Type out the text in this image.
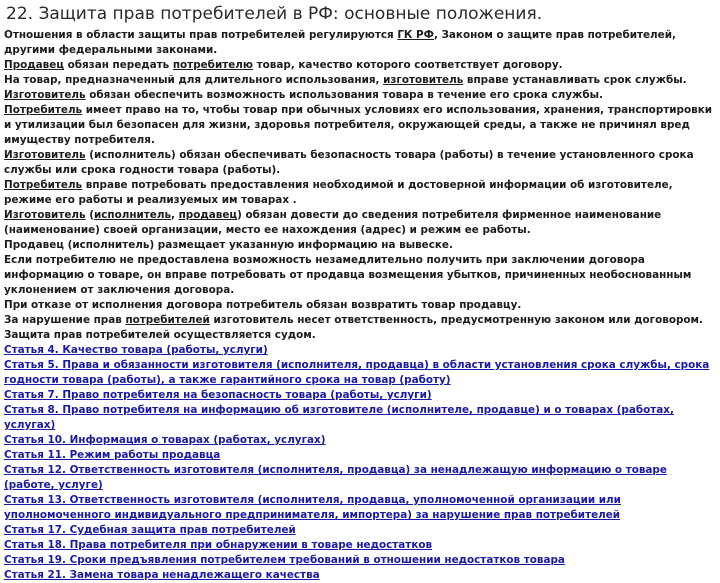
22. Защита прав потребителей в РФ: основные положения.

Отношения в области защиты прав потребителей регулируются ГК РФ, Законом о защите прав потребителей, другими федеральными законами.

Продавец обязан передать потребителю товар, качество которого соответствует договору.

На товар, предназначенный для длительного использования, изготовитель вправе устанавливать срок службы.

Изготовитель обязан обеспечить возможность использования товара в течение его срока службы.

Потребитель имеет право на то, чтобы товар при обычных условиях его использования, хранения, транспортировки и утилизации был безопасен для жизни, здоровья потребителя, окружающей среды, а также не причинял вред имуществу потребителя.

Изготовитель (исполнитель) обязан обеспечивать безопасность товара (работы) в течение установленного срока службы или срока годности товара (работы).

Потребитель вправе потребовать предоставления необходимой и достоверной информации об изготовителе, режиме его работы и реализуемых им товарах .

Изготовитель (исполнитель, продавец) обязан довести до сведения потребителя фирменное наименование (наименование) своей организации, место ее нахождения (адрес) и режим ее работы.

Продавец (исполнитель) размещает указанную информацию на вывеске.

Если потребителю не предоставлена возможность незамедлительно получить при заключении договора информацию о товаре, он вправе потребовать от продавца возмещения убытков, причиненных необоснованным уклонением от заключения договора.

При отказе от исполнения договора потребитель обязан возвратить товар продавцу.

За нарушение прав потребителей изготовитель несет ответственность, предусмотренную законом или договором.

Защита прав потребителей осуществляется судом.

Статья 4. Качество товара (работы, услуги)

Статья 5. Права и обязанности изготовителя (исполнителя, продавца) в области установления срока службы, срока годности товара (работы), а также гарантийного срока на товар (работу)

Статья 7. Право потребителя на безопасность товара (работы, услуги)

Статья 8. Право потребителя на информацию об изготовителе (исполнителе, продавце) и о товарах (работах, услугах)

Статья 10. Информация о товарах (работах, услугах)

Статья 11. Режим работы продавца

Статья 12. Ответственность изготовителя (исполнителя, продавца) за ненадлежащую информацию о товаре (работе, услуге)

Статья 13. Ответственность изготовителя (исполнителя, продавца, уполномоченной организации или уполномоченного индивидуального предпринимателя, импортера) за нарушение прав потребителей

Статья 17. Судебная защита прав потребителей

Статья 18. Права потребителя при обнаружении в товаре недостатков

Статья 19. Сроки предъявления потребителем требований в отношении недостатков товара

Статья 21. Замена товара ненадлежащего качества
